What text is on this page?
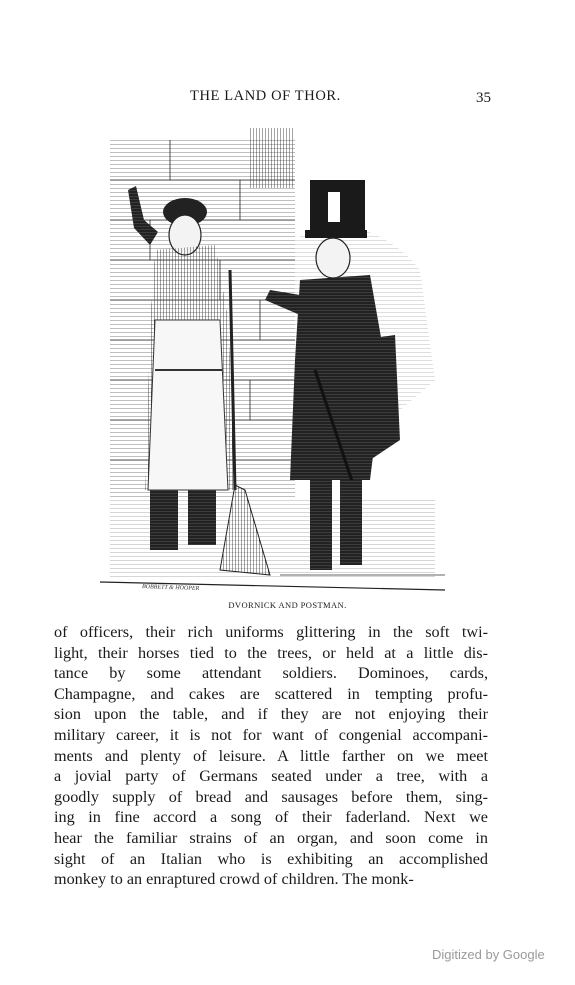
THE LAND OF THOR.	35
BOBBETT & HOOPER
DVORNICK AND POSTMAN.
of officers, their rich uniforms glittering in the soft twi-
light, their horses tied to the trees, or held at a little dis-
tance by some attendant soldiers. Dominoes, cards,
Champagne, and cakes are scattered in tempting profu-
sion upon the table, and if they are not enjoying their
military career, it is not for want of congenial accompani-
ments and plenty of leisure. A little farther on we meet
a jovial party of Germans seated under a tree, with a
goodly supply of bread and sausages before them, sing-
ing in fine accord a song of their faderland. Next we
hear the familiar strains of an organ, and soon come in
sight of an Italian who is exhibiting an accomplished
monkey to an enraptured crowd of children. The monk-
Digitized by Google
